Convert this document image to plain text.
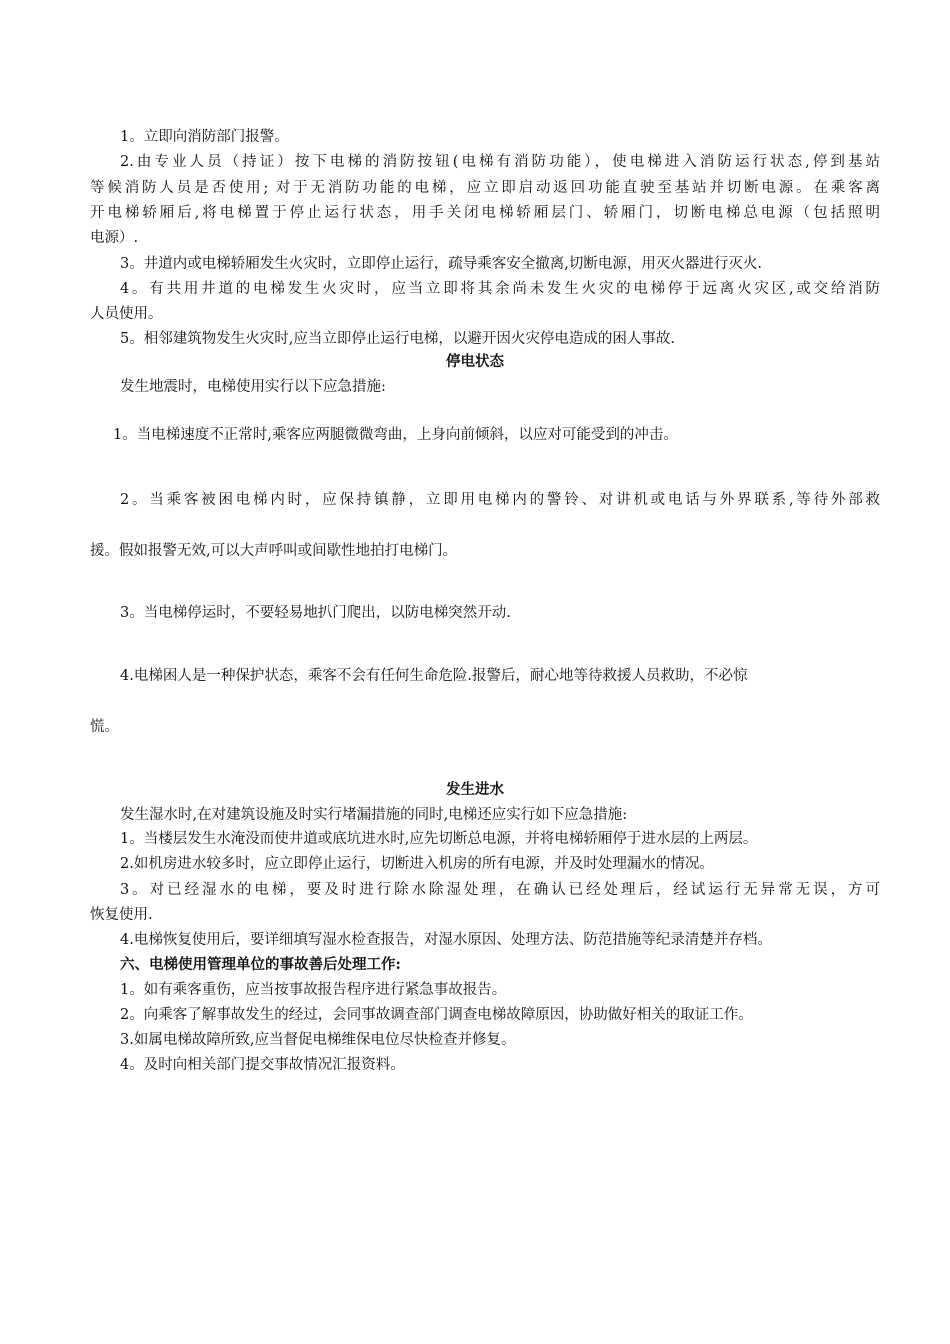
1。立即向消防部门报警。
2.由专业人员（持证）按下电梯的消防按钮(电梯有消防功能），使电梯进入消防运行状态,停到基站
等候消防人员是否使用; 对于无消防功能的电梯，应立即启动返回功能直驶至基站并切断电源。在乘客离
开电梯轿厢后,将电梯置于停止运行状态，用手关闭电梯轿厢层门、轿厢门，切断电梯总电源（包括照明
电源）.
3。井道内或电梯轿厢发生火灾时，立即停止运行，疏导乘客安全撤离,切断电源，用灭火器进行灭火.
4。有共用井道的电梯发生火灾时，应当立即将其余尚未发生火灾的电梯停于远离火灾区,或交给消防
人员使用。
5。相邻建筑物发生火灾时,应当立即停止运行电梯，以避开因火灾停电造成的困人事故.
停电状态
发生地震时，电梯使用实行以下应急措施:
1。当电梯速度不正常时,乘客应两腿微微弯曲，上身向前倾斜，以应对可能受到的冲击。
2。当乘客被困电梯内时，应保持镇静，立即用电梯内的警铃、对讲机或电话与外界联系,等待外部救
援。假如报警无效,可以大声呼叫或间歇性地拍打电梯门。
3。当电梯停运时，不要轻易地扒门爬出，以防电梯突然开动.
4.电梯困人是一种保护状态，乘客不会有任何生命危险.报警后，耐心地等待救援人员救助，不必惊
慌。
发生进水
发生湿水时,在对建筑设施及时实行堵漏措施的同时,电梯还应实行如下应急措施:
1。当楼层发生水淹没而使井道或底坑进水时,应先切断总电源，并将电梯轿厢停于进水层的上两层。
2.如机房进水较多时，应立即停止运行，切断进入机房的所有电源，并及时处理漏水的情况。
3。对已经湿水的电梯，要及时进行除水除湿处理，在确认已经处理后，经试运行无异常无误，方可
恢复使用.
4.电梯恢复使用后，要详细填写湿水检查报告，对湿水原因、处理方法、防范措施等纪录清楚并存档。
六、电梯使用管理单位的事故善后处理工作:
1。如有乘客重伤，应当按事故报告程序进行紧急事故报告。
2。向乘客了解事故发生的经过，会同事故调查部门调查电梯故障原因，协助做好相关的取证工作。
3.如属电梯故障所致,应当督促电梯维保电位尽快检查并修复。
4。及时向相关部门提交事故情况汇报资料。
